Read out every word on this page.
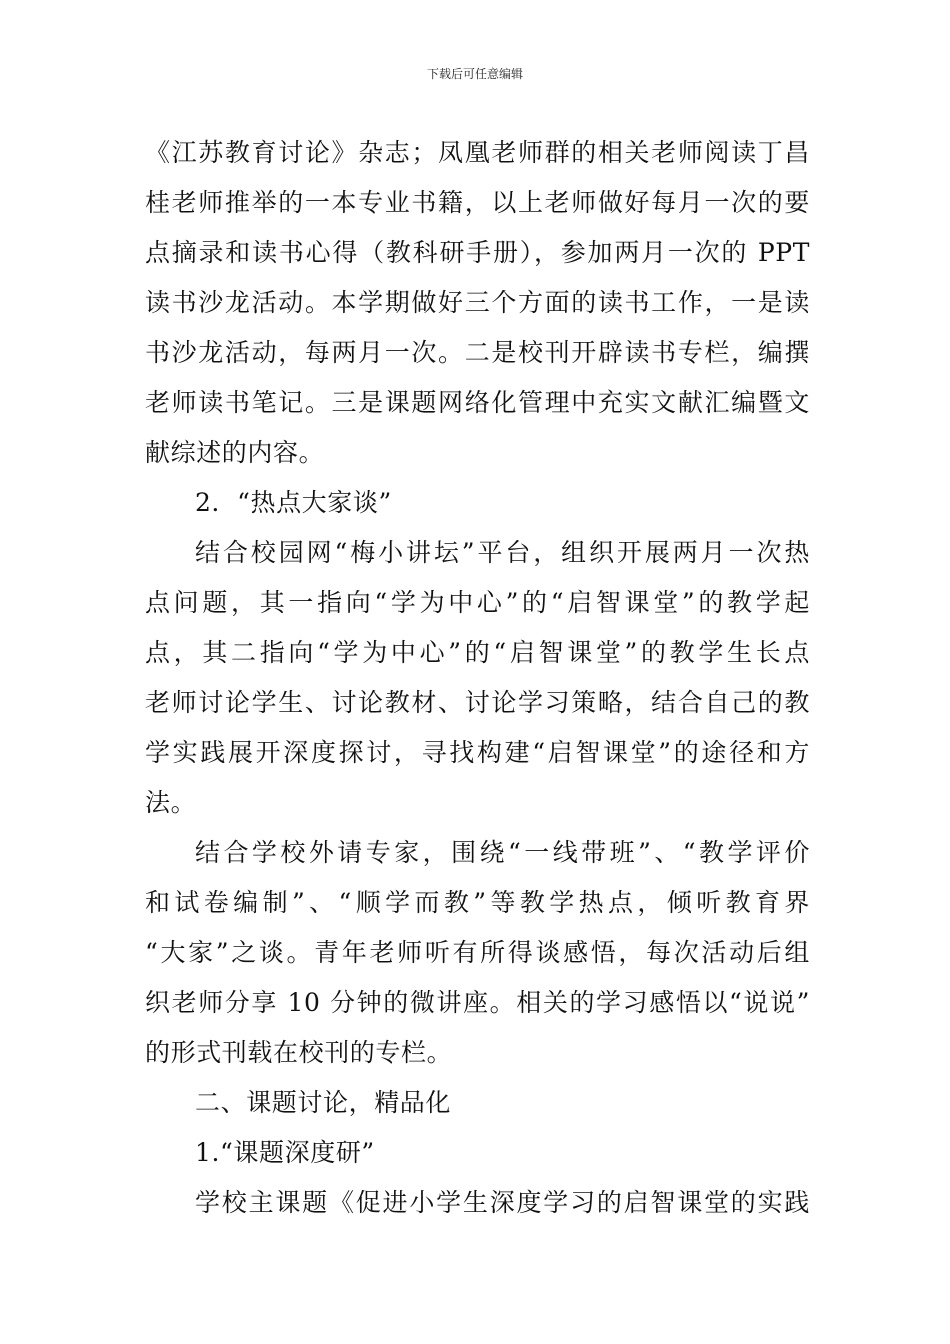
下载后可任意编辑
《江苏教育讨论》杂志；凤凰老师群的相关老师阅读丁昌
桂老师推举的一本专业书籍，以上老师做好每月一次的要
点摘录和读书心得（教科研手册），参加两月一次的 PPT
读书沙龙活动。本学期做好三个方面的读书工作，一是读
书沙龙活动，每两月一次。二是校刊开辟读书专栏，编撰
老师读书笔记。三是课题网络化管理中充实文献汇编暨文
献综述的内容。
2．“热点大家谈”
结合校园网“梅小讲坛”平台，组织开展两月一次热
点问题，其一指向“学为中心”的“启智课堂”的教学起
点，其二指向“学为中心”的“启智课堂”的教学生长点
老师讨论学生、讨论教材、讨论学习策略，结合自己的教
学实践展开深度探讨，寻找构建“启智课堂”的途径和方
法。
结合学校外请专家，围绕“一线带班”、“教学评价
和试卷编制”、“顺学而教”等教学热点，倾听教育界
“大家”之谈。青年老师听有所得谈感悟，每次活动后组
织老师分享 10 分钟的微讲座。相关的学习感悟以“说说”
的形式刊载在校刊的专栏。
二、课题讨论，精品化
1.“课题深度研”
学校主课题《促进小学生深度学习的启智课堂的实践
